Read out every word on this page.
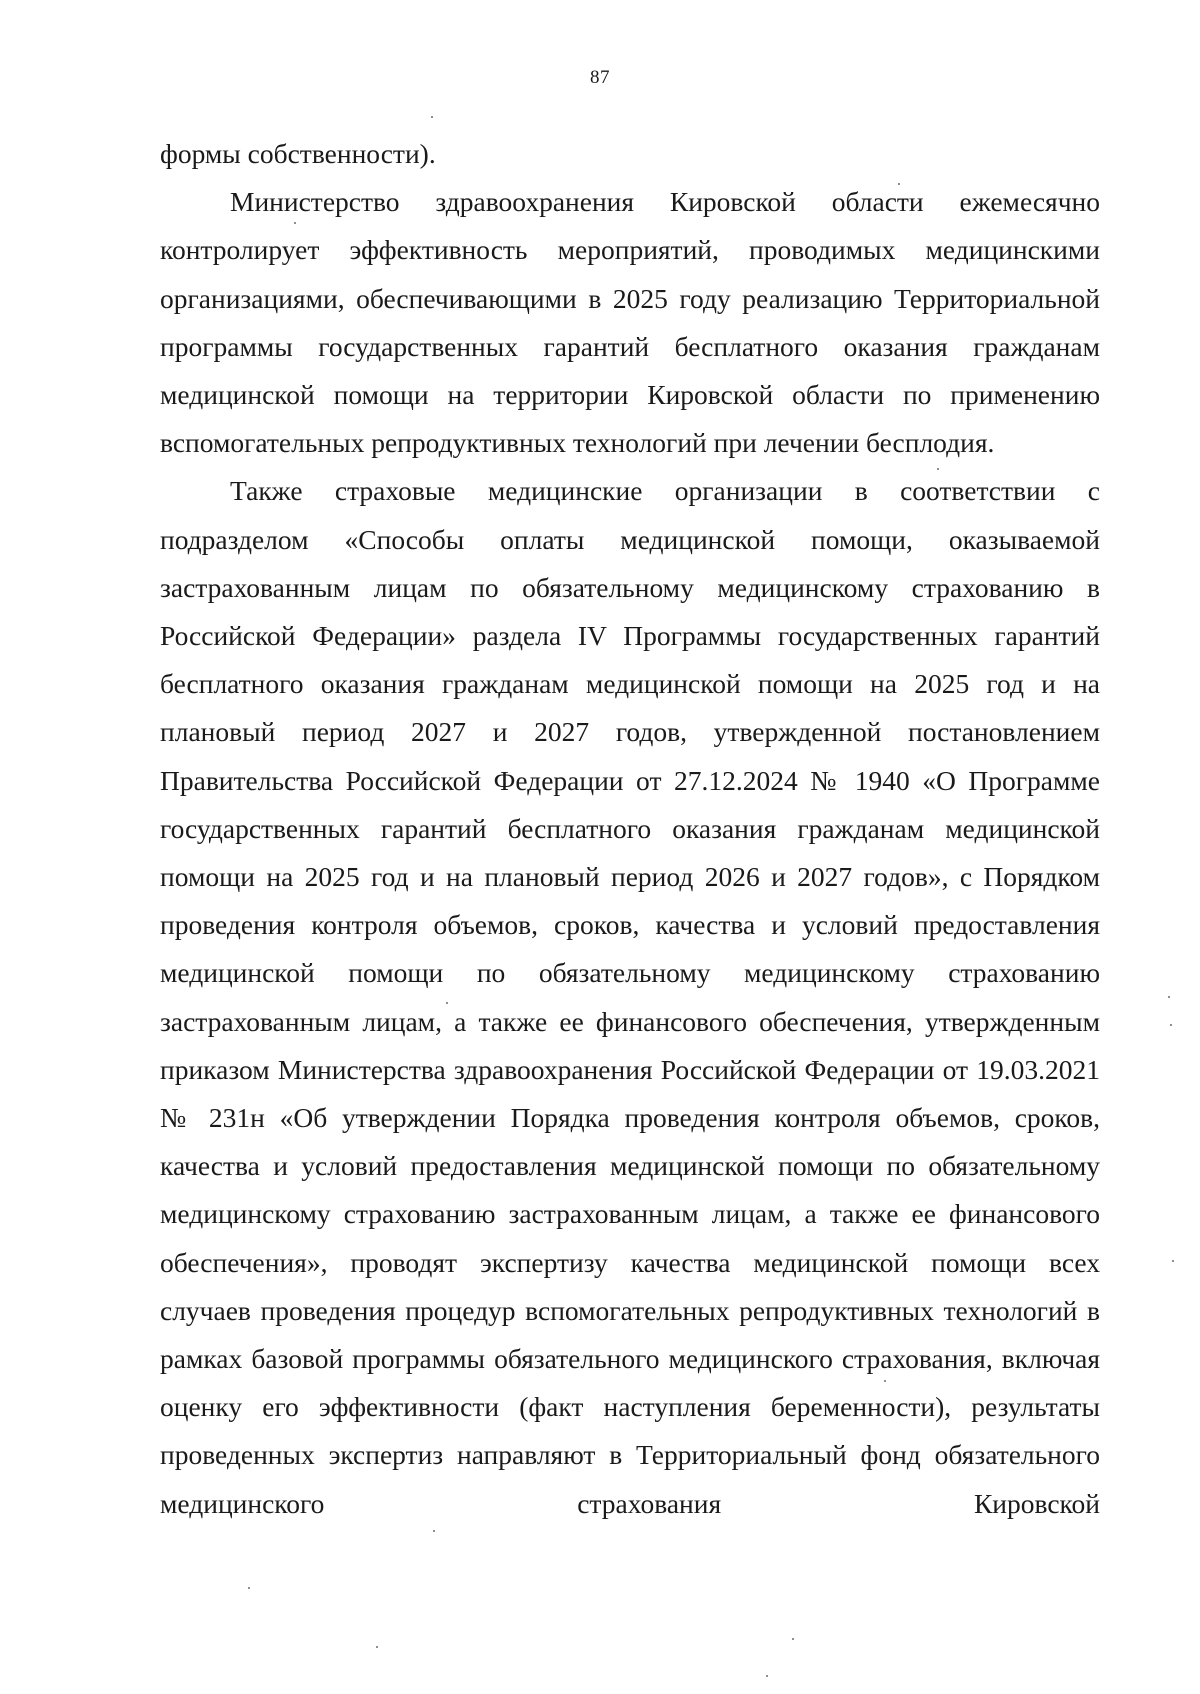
87

формы собственности).

Министерство здравоохранения Кировской области ежемесячно контролирует эффективность мероприятий, проводимых медицинскими организациями, обеспечивающими в 2025 году реализацию Территориальной программы государственных гарантий бесплатного оказания гражданам медицинской помощи на территории Кировской области по применению вспомогательных репродуктивных технологий при лечении бесплодия.

Также страховые медицинские организации в соответствии с подразделом «Способы оплаты медицинской помощи, оказываемой застрахованным лицам по обязательному медицинскому страхованию в Российской Федерации» раздела IV Программы государственных гарантий бесплатного оказания гражданам медицинской помощи на 2025 год и на плановый период 2027 и 2027 годов, утвержденной постановлением Правительства Российской Федерации от 27.12.2024 № 1940 «О Программе государственных гарантий бесплатного оказания гражданам медицинской помощи на 2025 год и на плановый период 2026 и 2027 годов», с Порядком проведения контроля объемов, сроков, качества и условий предоставления медицинской помощи по обязательному медицинскому страхованию застрахованным лицам, а также ее финансового обеспечения, утвержденным приказом Министерства здравоохранения Российской Федерации от 19.03.2021 № 231н «Об утверждении Порядка проведения контроля объемов, сроков, качества и условий предоставления медицинской помощи по обязательному медицинскому страхованию застрахованным лицам, а также ее финансового обеспечения», проводят экспертизу качества медицинской помощи всех случаев проведения процедур вспомогательных репродуктивных технологий в рамках базовой программы обязательного медицинского страхования, включая оценку его эффективности (факт наступления беременности), результаты проведенных экспертиз направляют в Территориальный фонд обязательного медицинского страхования Кировской
